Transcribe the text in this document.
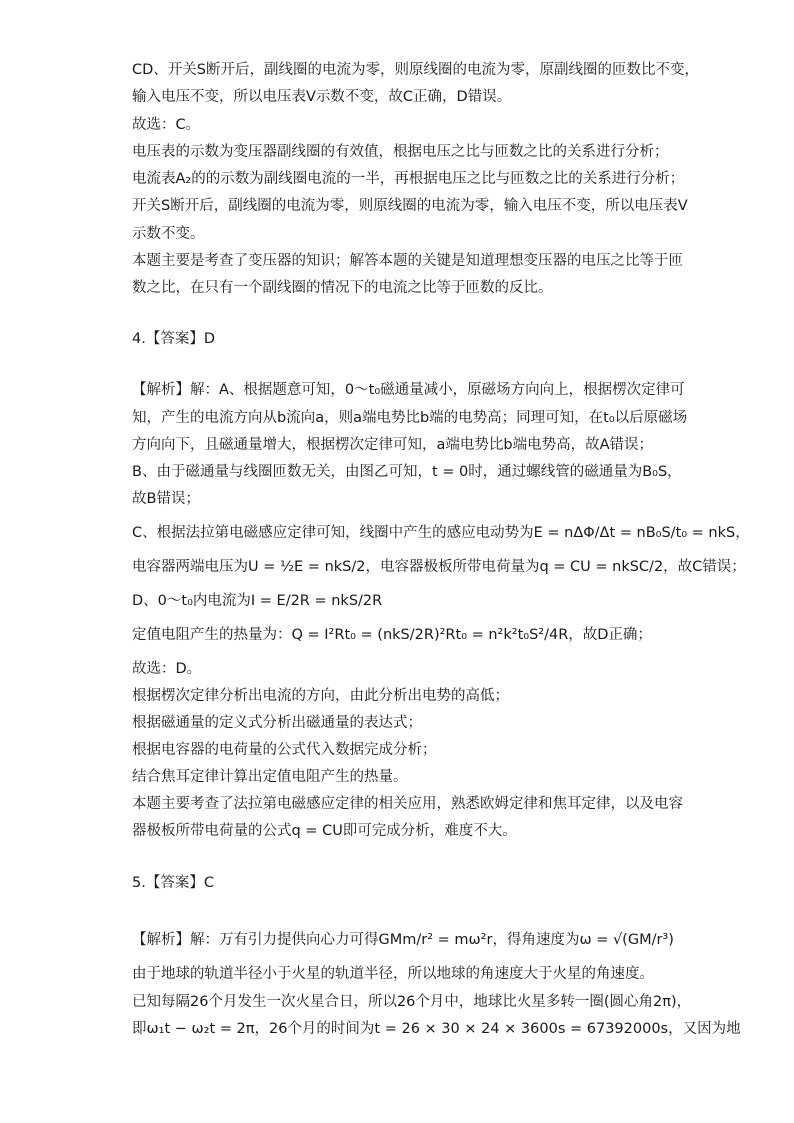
CD、开关S断开后，副线圈的电流为零，则原线圈的电流为零，原副线圈的匝数比不变，
输入电压不变，所以电压表V示数不变，故C正确，D错误。
故选：C。
电压表的示数为变压器副线圈的有效值，根据电压之比与匝数之比的关系进行分析；
电流表A₂的的示数为副线圈电流的一半，再根据电压之比与匝数之比的关系进行分析；
开关S断开后，副线圈的电流为零，则原线圈的电流为零，输入电压不变，所以电压表V
示数不变。
本题主要是考查了变压器的知识；解答本题的关键是知道理想变压器的电压之比等于匝
数之比，在只有一个副线圈的情况下的电流之比等于匝数的反比。
4.【答案】D
【解析】解：A、根据题意可知，0～t₀磁通量减小，原磁场方向向上，根据楞次定律可
知，产生的电流方向从b流向a，则a端电势比b端的电势高；同理可知，在t₀以后原磁场
方向向下，且磁通量增大，根据楞次定律可知，a端电势比b端电势高，故A错误；
B、由于磁通量与线圈匝数无关，由图乙可知，t = 0时，通过螺线管的磁通量为B₀S，
故B错误；
C、根据法拉第电磁感应定律可知，线圈中产生的感应电动势为E = nΔΦ/Δt = nB₀S/t₀ = nkS，
电容器两端电压为U = ½E = nkS/2，电容器极板所带电荷量为q = CU = nkSC/2，故C错误；
D、0～t₀内电流为I = E/2R = nkS/2R
定值电阻产生的热量为：Q = I²Rt₀ = (nkS/2R)²Rt₀ = n²k²t₀S²/4R，故D正确；
故选：D。
根据楞次定律分析出电流的方向，由此分析出电势的高低；
根据磁通量的定义式分析出磁通量的表达式；
根据电容器的电荷量的公式代入数据完成分析；
结合焦耳定律计算出定值电阻产生的热量。
本题主要考查了法拉第电磁感应定律的相关应用，熟悉欧姆定律和焦耳定律，以及电容
器极板所带电荷量的公式q = CU即可完成分析，难度不大。
5.【答案】C
【解析】解：万有引力提供向心力可得GMm/r² = mω²r，得角速度为ω = √(GM/r³)
由于地球的轨道半径小于火星的轨道半径，所以地球的角速度大于火星的角速度。
已知每隔26个月发生一次火星合日，所以26个月中，地球比火星多转一圈(圆心角2π)，
即ω₁t − ω₂t = 2π，26个月的时间为t = 26 × 30 × 24 × 3600s = 67392000s，又因为地
